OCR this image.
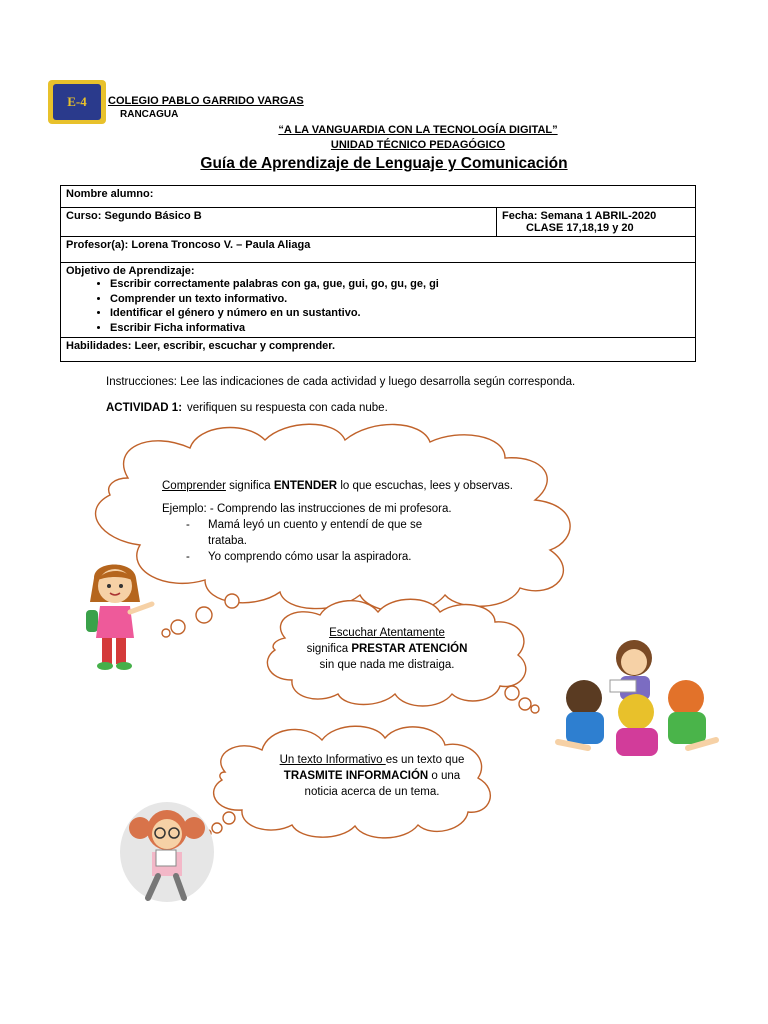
E-4 COLEGIO PABLO GARRIDO VARGAS
RANCAGUA
“A LA VANGUARDIA CON LA TECNOLOGÍA DIGITAL”
UNIDAD TÉCNICO PEDAGÓGICO
Guía de Aprendizaje de Lenguaje y Comunicación
Nombre alumno:
Curso: Segundo Básico B	Fecha: Semana 1 ABRIL-2020
CLASE 17,18,19 y 20

Profesor(a): Lorena Troncoso V. – Paula Aliaga

Objetivo de Aprendizaje:
• Escribir correctamente palabras con ga, gue, gui, go, gu, ge, gi
• Comprender un texto informativo.
• Identificar el género y número en un sustantivo.
• Escribir Ficha informativa

Habilidades: Leer, escribir, escuchar y comprender.
Instrucciones: Lee las indicaciones de cada actividad y luego desarrolla según corresponda.
ACTIVIDAD 1: verifiquen su respuesta con cada nube.

Comprender significa ENTENDER lo que escuchas, lees y observas.

Ejemplo: - Comprendo las instrucciones de mi profesora.

-	Mamá leyó un cuento y entendí de que se trataba.
-	Yo comprendo cómo usar la aspiradora.
Escuchar Atentamente
significa PRESTAR ATENCIÓN
sin que nada me distraiga.
Un texto Informativo es un texto que TRASMITE INFORMACIÓN o una noticia acerca de un tema.
